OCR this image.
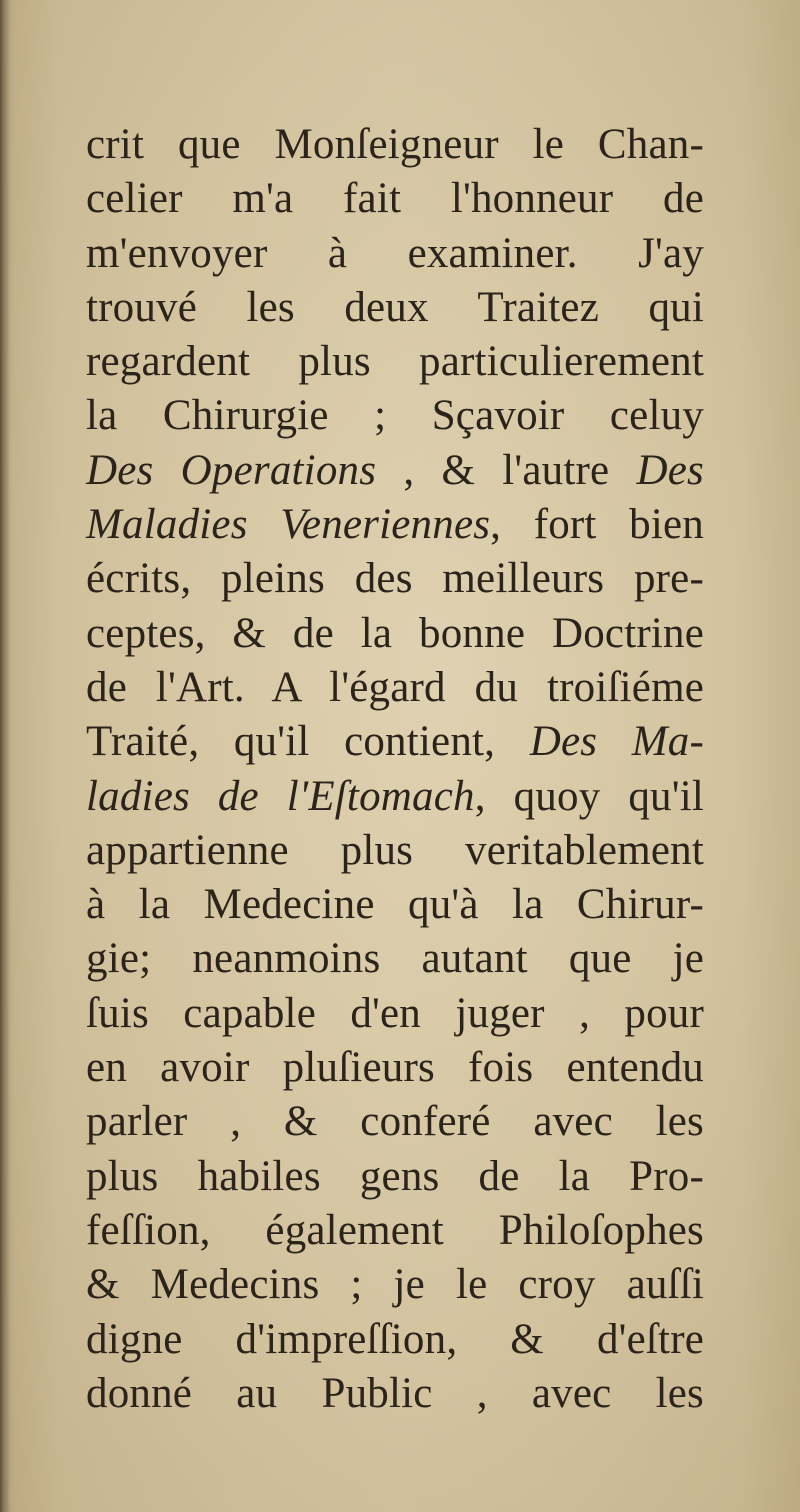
crit que Monſeigneur le Chan-
celier m'a fait l'honneur de
m'envoyer à examiner. J'ay
trouvé les deux Traitez qui
regardent plus particulierement
la Chirurgie ; Sçavoir celuy
Des Operations , & l'autre Des
Maladies Veneriennes, fort bien
écrits, pleins des meilleurs pre-
ceptes, & de la bonne Doctrine
de l'Art. A l'égard du troiſiéme
Traité, qu'il contient, Des Ma-
ladies de l'Eſtomach, quoy qu'il
appartienne plus veritablement
à la Medecine qu'à la Chirur-
gie; neanmoins autant que je
ſuis capable d'en juger , pour
en avoir pluſieurs fois entendu
parler , & conferé avec les
plus habiles gens de la Pro-
feſſion, également Philoſophes
& Medecins ; je le croy auſſi
digne d'impreſſion, & d'eſtre
donné au Public , avec les
